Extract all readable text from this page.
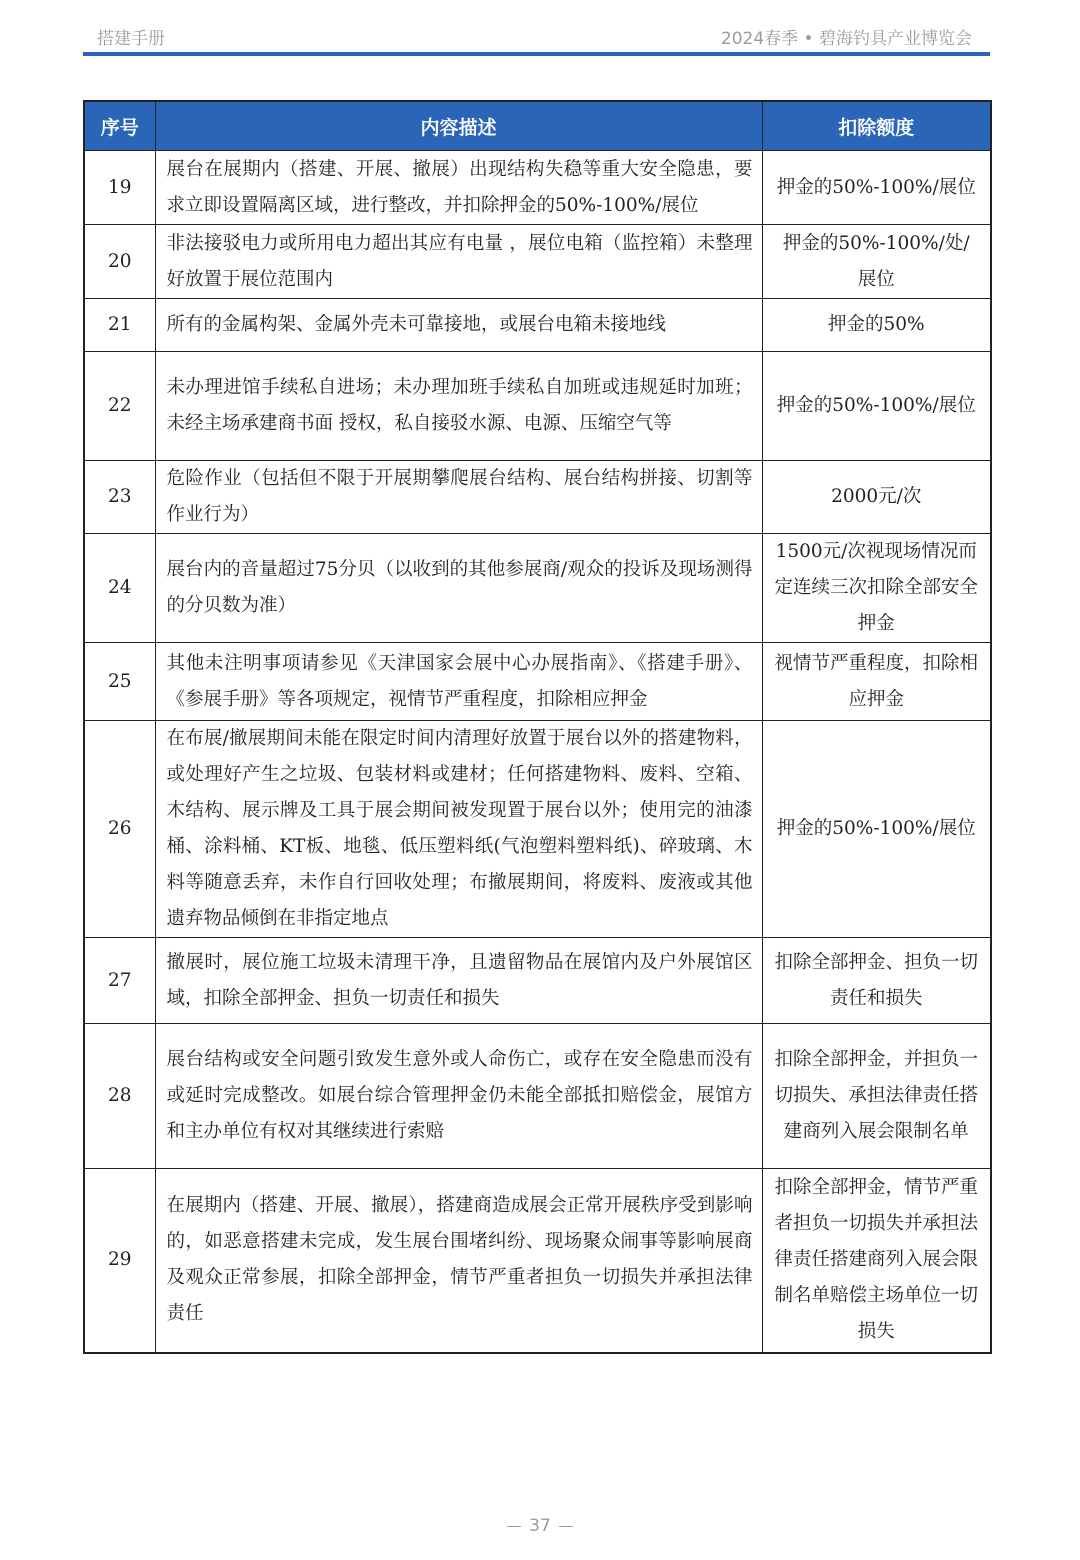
搭建手册	2024春季 • 碧海钓具产业博览会
序号	内容描述	扣除额度
19	展台在展期内（搭建、开展、撤展）出现结构失稳等重大安全隐患，要求立即设置隔离区域，进行整改，并扣除押金的50%-100%/展位	押金的50%-100%/展位
20	非法接驳电力或所用电力超出其应有电量 ，展位电箱（监控箱）未整理好放置于展位范围内	押金的50%-100%/处/展位
21	所有的金属构架、金属外壳未可靠接地，或展台电箱未接地线	押金的50%
22	未办理进馆手续私自进场；未办理加班手续私自加班或违规延时加班；未经主场承建商书面 授权，私自接驳水源、电源、压缩空气等	押金的50%-100%/展位
23	危险作业（包括但不限于开展期攀爬展台结构、展台结构拼接、切割等作业行为）	2000元/次
24	展台内的音量超过75分贝（以收到的其他参展商/观众的投诉及现场测得的分贝数为准）	1500元/次视现场情况而定连续三次扣除全部安全押金
25	其他未注明事项请参见《天津国家会展中心办展指南》、《搭建手册》、《参展手册》等各项规定，视情节严重程度，扣除相应押金	视情节严重程度，扣除相应押金
26	在布展/撤展期间未能在限定时间内清理好放置于展台以外的搭建物料，或处理好产生之垃圾、包装材料或建材；任何搭建物料、废料、空箱、木结构、展示牌及工具于展会期间被发现置于展台以外；使用完的油漆桶、涂料桶、KT板、地毯、低压塑料纸(气泡塑料塑料纸)、碎玻璃、木料等随意丢弃，未作自行回收处理；布撤展期间，将废料、废液或其他遗弃物品倾倒在非指定地点	押金的50%-100%/展位
27	撤展时，展位施工垃圾未清理干净，且遗留物品在展馆内及户外展馆区域，扣除全部押金、担负一切责任和损失	扣除全部押金、担负一切责任和损失
28	展台结构或安全问题引致发生意外或人命伤亡，或存在安全隐患而没有或延时完成整改。如展台综合管理押金仍未能全部抵扣赔偿金，展馆方和主办单位有权对其继续进行索赔	扣除全部押金，并担负一切损失、承担法律责任搭建商列入展会限制名单
29	在展期内（搭建、开展、撤展），搭建商造成展会正常开展秩序受到影响的，如恶意搭建未完成，发生展台围堵纠纷、现场聚众闹事等影响展商及观众正常参展，扣除全部押金，情节严重者担负一切损失并承担法律责任	扣除全部押金，情节严重者担负一切损失并承担法律责任搭建商列入展会限制名单赔偿主场单位一切损失
37
